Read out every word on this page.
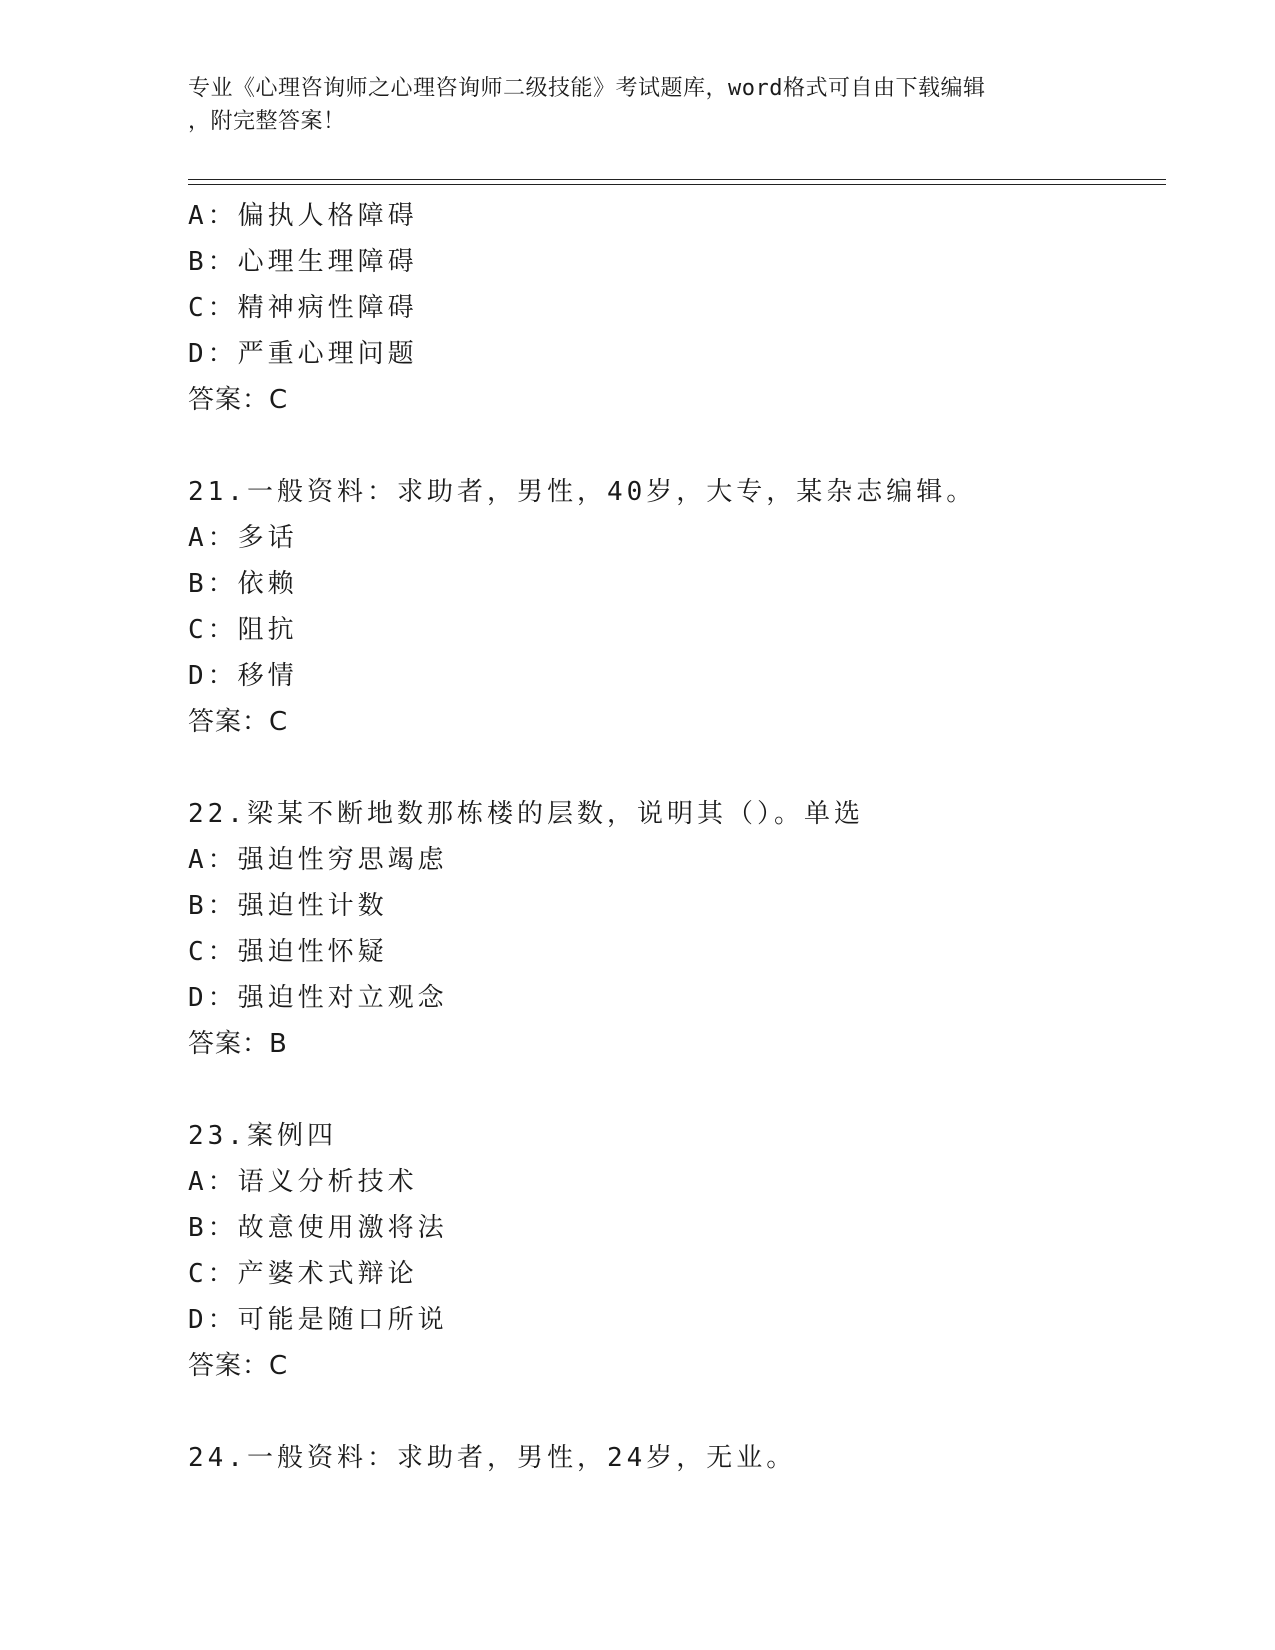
专业《心理咨询师之心理咨询师二级技能》考试题库，word格式可自由下载编辑
，附完整答案！
A：偏执人格障碍
B：心理生理障碍
C：精神病性障碍
D：严重心理问题
答案：C
21.一般资料：求助者，男性，40岁，大专，某杂志编辑。
A：多话
B：依赖
C：阻抗
D：移情
答案：C
22.梁某不断地数那栋楼的层数，说明其（）。单选
A：强迫性穷思竭虑
B：强迫性计数
C：强迫性怀疑
D：强迫性对立观念
答案：B
23.案例四
A：语义分析技术
B：故意使用激将法
C：产婆术式辩论
D：可能是随口所说
答案：C
24.一般资料：求助者，男性，24岁，无业。
